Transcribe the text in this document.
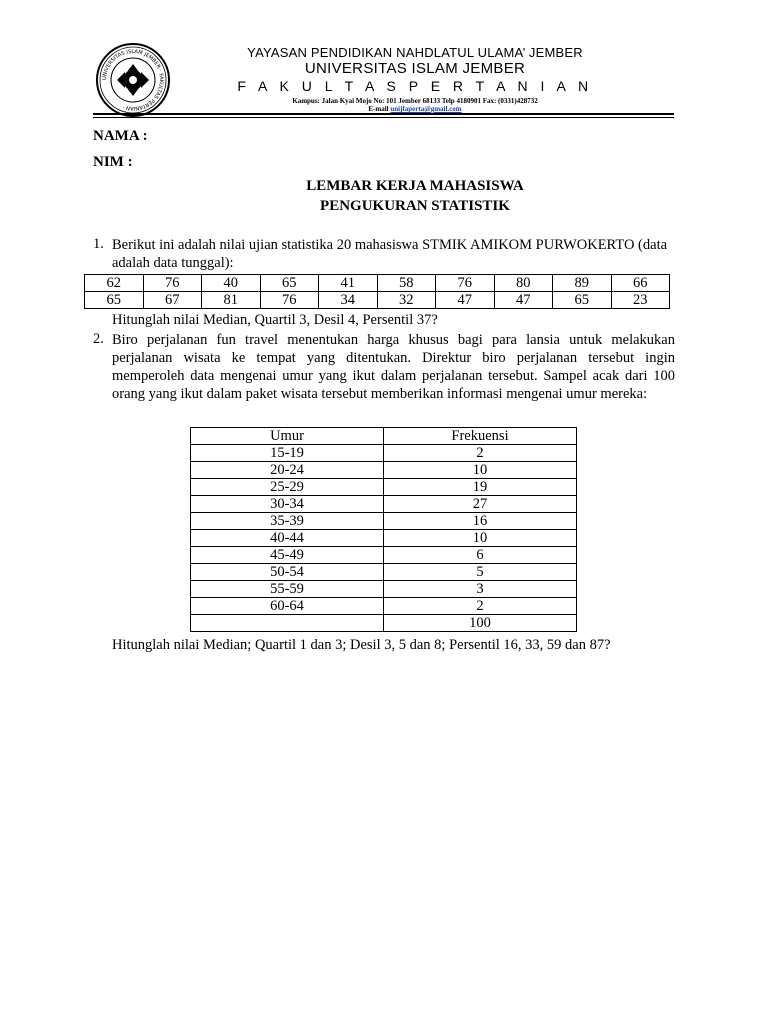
UNIVERSITAS ISLAM JEMBER · FAKULTAS PERTANIAN ·
YAYASAN PENDIDIKAN NAHDLATUL ULAMA’ JEMBER
UNIVERSITAS ISLAM JEMBER
F A K U L T A S P E R T A N I A N
Kampus: Jalan Kyai Mojo No: 101 Jember 68133 Telp 4180901 Fax: (0331)428732
E-mail unijfaperta@gmail.com
NAMA :
NIM :
LEMBAR KERJA MAHASISWA
PENGUKURAN STATISTIK
1. Berikut ini adalah nilai ujian statistika 20 mahasiswa STMIK AMIKOM PURWOKERTO (data adalah data tunggal):
62	76	40	65	41	58	76	80	89	66
65	67	81	76	34	32	47	47	65	23
Hitunglah nilai Median, Quartil 3, Desil 4, Persentil 37?
2. Biro perjalanan fun travel menentukan harga khusus bagi para lansia untuk melakukan perjalanan wisata ke tempat yang ditentukan. Direktur biro perjalanan tersebut ingin memperoleh data mengenai umur yang ikut dalam perjalanan tersebut. Sampel acak dari 100 orang yang ikut dalam paket wisata tersebut memberikan informasi mengenai umur mereka:
Umur	Frekuensi
15-19	2
20-24	10
25-29	19
30-34	27
35-39	16
40-44	10
45-49	6
50-54	5
55-59	3
60-64	2
	100
Hitunglah nilai Median; Quartil 1 dan 3; Desil 3, 5 dan 8; Persentil 16, 33, 59 dan 87?
